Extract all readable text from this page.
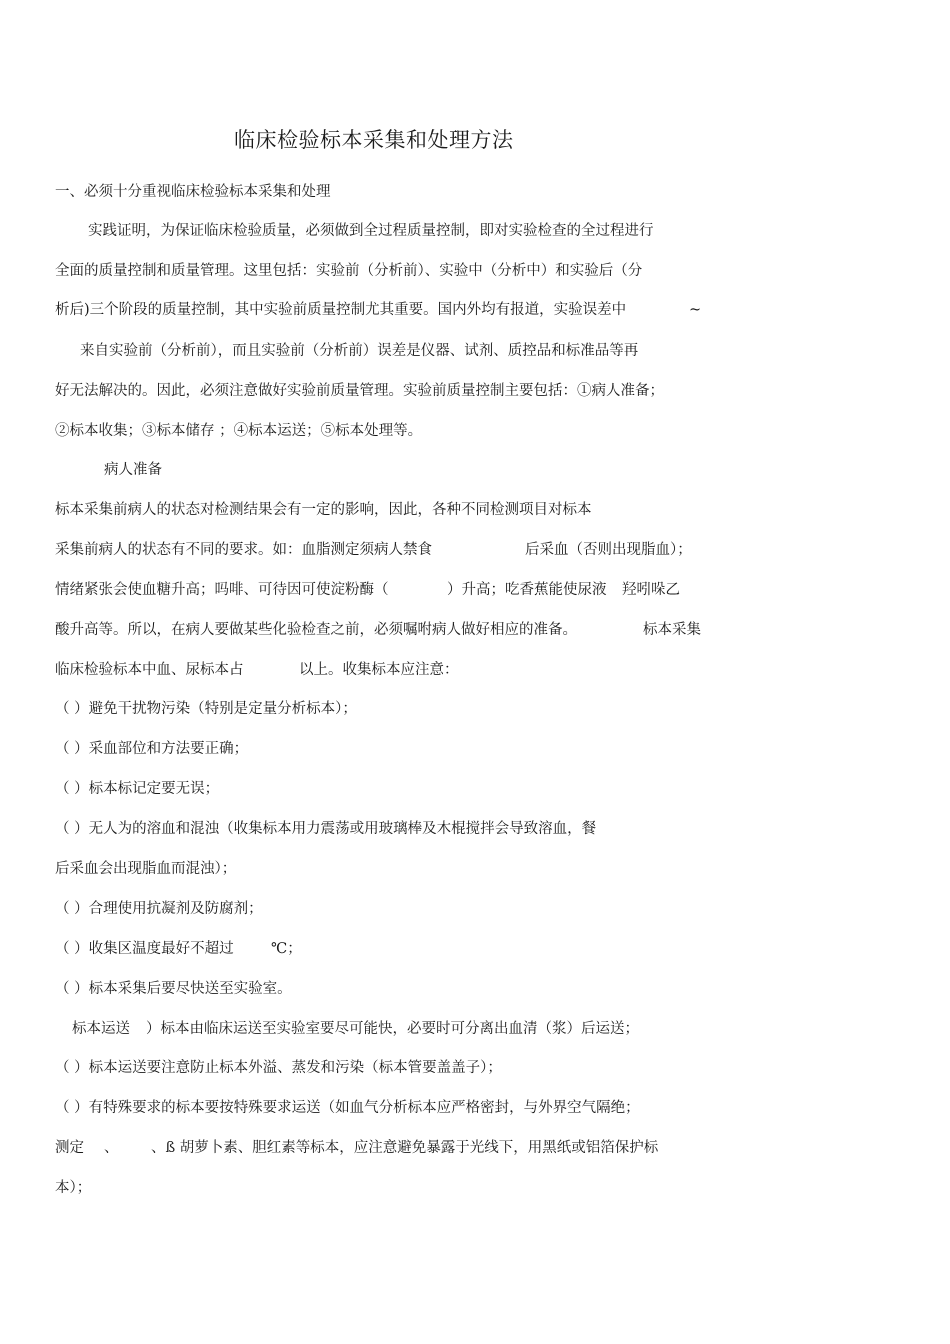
临床检验标本采集和处理方法
一、必须十分重视临床检验标本采集和处理
实践证明，为保证临床检验质量，必须做到全过程质量控制，即对实验检查的全过程进行
全面的质量控制和质量管理。这里包括：实验前（分析前）、实验中（分析中）和实验后（分
析后)三个阶段的质量控制，其中实验前质量控制尤其重要。国内外均有报道，实验误差中	~
来自实验前（分析前），而且实验前（分析前）误差是仪器、试剂、质控品和标准品等再
好无法解决的。因此，必须注意做好实验前质量管理。实验前质量控制主要包括：①病人准备；
②标本收集；③标本储存 ；④标本运送；⑤标本处理等。
病人准备
标本采集前病人的状态对检测结果会有一定的影响，因此，各种不同检测项目对标本
采集前病人的状态有不同的要求。如：血脂测定须病人禁食	后采血（否则出现脂血）；
情绪紧张会使血糖升高；吗啡、可待因可使淀粉酶（	）升高；吃香蕉能使尿液 羟吲哚乙
酸升高等。所以，在病人要做某些化验检查之前，必须嘱咐病人做好相应的准备。	标本采集
临床检验标本中血、尿标本占	以上。收集标本应注意：
（ ）避免干扰物污染（特别是定量分析标本）；
（ ）采血部位和方法要正确；
（ ）标本标记定要无误；
（ ）无人为的溶血和混浊（收集标本用力震荡或用玻璃棒及木棍搅拌会导致溶血，餐
后采血会出现脂血而混浊）；
（ ）合理使用抗凝剂及防腐剂；
（ ）收集区温度最好不超过	℃；
（ ）标本采集后要尽快送至实验室。
标本运送 ）标本由临床运送至实验室要尽可能快，必要时可分离出血清（浆）后运送；
（ ）标本运送要注意防止标本外溢、蒸发和污染（标本管要盖盖子）；
（ ）有特殊要求的标本要按特殊要求运送（如血气分析标本应严格密封，与外界空气隔绝；
测定 、 、ß 胡萝卜素、胆红素等标本，应注意避免暴露于光线下，用黑纸或铝箔保护标
本）；
